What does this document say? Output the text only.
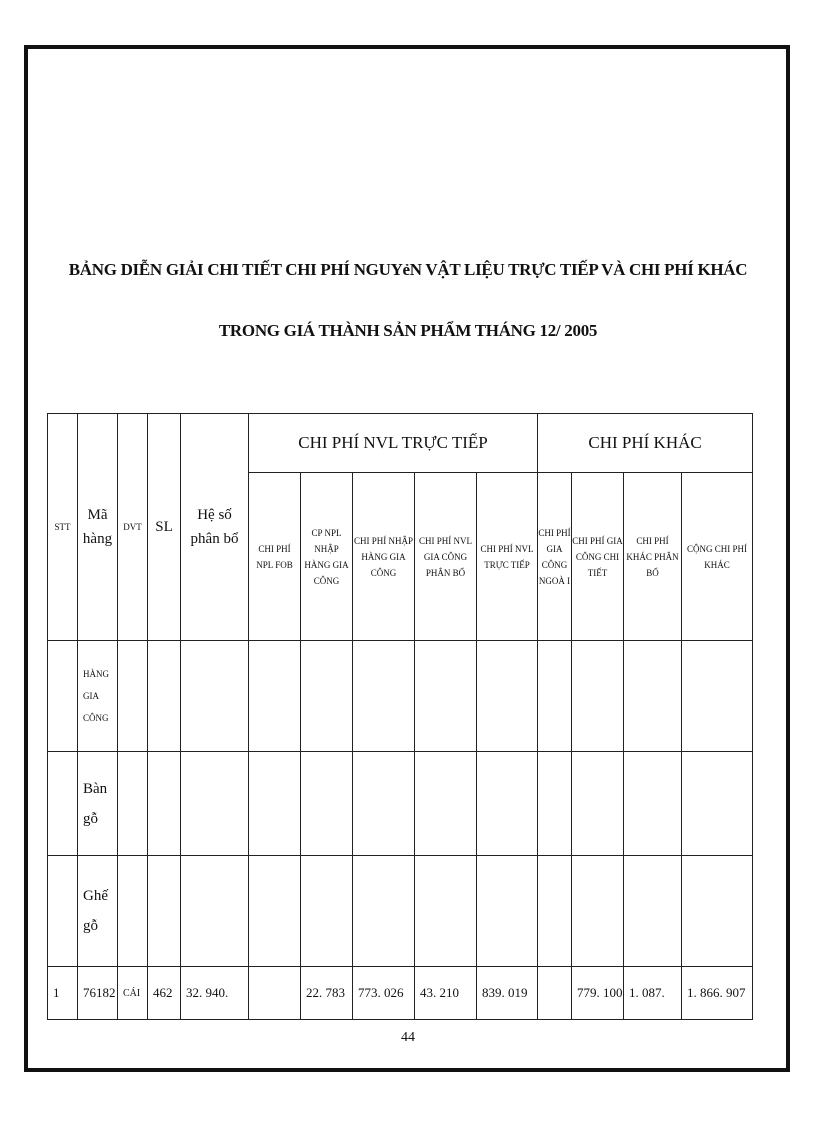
BẢNG DIỄN GIẢI CHI TIẾT CHI PHÍ NGUYẻN VẬT LIỆU TRỰC TIẾP VÀ CHI PHÍ KHÁC
TRONG GIÁ THÀNH SẢN PHẨM THÁNG 12/ 2005
STT	Mã hàng	DVT	SL	Hệ số phân bổ	CHI PHÍ NVL TRỰC TIẾP					CHI PHÍ KHÁC			
					CHI PHÍ NPL FOB	CP NPL NHẬP HÀNG GIA CÔNG	CHI PHÍ NHẬP HÀNG GIA CÔNG	CHI PHÍ NVL GIA CÔNG PHÂN BỔ	CHI PHÍ NVL TRỰC TIẾP	CHI PHÍ GIA CÔNG NGOÀ I	CHI PHÍ GIA CÔNG CHI TIẾT	CHI PHÍ KHÁC PHÂN BỔ	CỘNG CHI PHÍ KHÁC
	HÀNG GIA CÔNG												
	Bàn gỗ												
	Ghế gỗ												
1	76182	CÁI	462	32. 940.		22. 783	773. 026	43. 210	839. 019		779. 100	1. 087.	1. 866. 907
44
